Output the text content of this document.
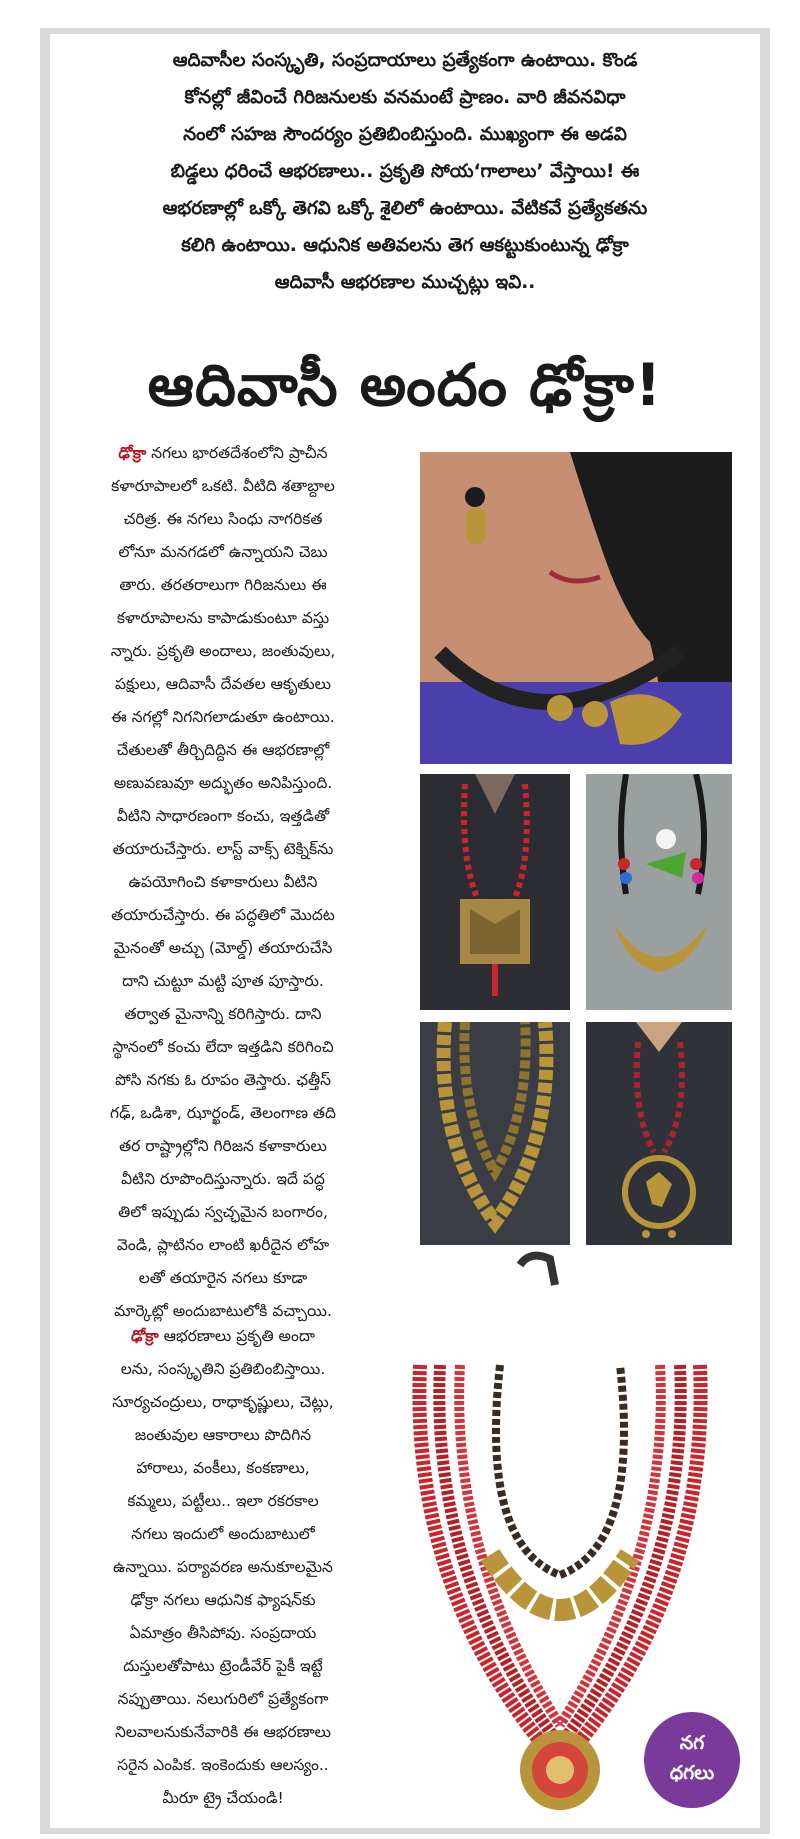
ఆదివాసీల సంస్కృతి, సంప్రదాయాలు ప్రత్యేకంగా ఉంటాయి. కొండ

కోనల్లో జీవించే గిరిజనులకు వనమంటే ప్రాణం. వారి జీవనవిధా

నంలో సహజ సౌందర్యం ప్రతిబింబిస్తుంది. ముఖ్యంగా ఈ అడవి

బిడ్డలు ధరించే ఆభరణాలు.. ప్రకృతి సోయ‘గాలాలు’ వేస్తాయి! ఈ

ఆభరణాల్లో ఒక్కో తెగవి ఒక్కో శైలిలో ఉంటాయి. వేటికవే ప్రత్యేకతను

కలిగి ఉంటాయి. ఆధునిక అతివలను తెగ ఆకట్టుకుంటున్న ఢోక్రా

ఆదివాసీ ఆభరణాల ముచ్చట్లు ఇవి..

ఆదివాసీ అందం ఢోక్రా!

ఢోక్రా నగలు భారతదేశంలోని ప్రాచీన

కళారూపాలలో ఒకటి. వీటిది శతాబ్దాల

చరిత్ర. ఈ నగలు సింధు నాగరికత

లోనూ మనగడలో ఉన్నాయని చెబు

తారు. తరతరాలుగా గిరిజనులు ఈ

కళారూపాలను కాపాడుకుంటూ వస్తు

న్నారు. ప్రకృతి అందాలు, జంతువులు,

పక్షులు, ఆదివాసీ దేవతల ఆకృతులు

ఈ నగల్లో నిగనిగలాడుతూ ఉంటాయి.

చేతులతో తీర్చిదిద్దిన ఈ ఆభరణాల్లో

అణువణువూ అద్భుతం అనిపిస్తుంది.

వీటిని సాధారణంగా కంచు, ఇత్తడితో

తయారుచేస్తారు. లాస్ట్ వాక్స్ టెక్నిక్‌ను

ఉపయోగించి కళాకారులు వీటిని

తయారుచేస్తారు. ఈ పద్ధతిలో మొదట

మైనంతో అచ్చు (మోల్డ్) తయారుచేసి

దాని చుట్టూ మట్టి పూత పూస్తారు.

తర్వాత మైనాన్ని కరిగిస్తారు. దాని

స్థానంలో కంచు లేదా ఇత్తడిని కరిగించి

పోసి నగకు ఓ రూపం తెస్తారు. ఛత్తీస్

గఢ్, ఒడిశా, ఝార్ఖండ్, తెలంగాణ తది

తర రాష్ట్రాల్లోని గిరిజన కళాకారులు

వీటిని రూపొందిస్తున్నారు. ఇదే పద్ధ

తిలో ఇప్పుడు స్వచ్ఛమైన బంగారం,

వెండి, ప్లాటినం లాంటి ఖరీదైన లోహ

లతో తయారైన నగలు కూడా

మార్కెట్లో అందుబాటులోకి వచ్చాయి.

ఢోక్రా ఆభరణాలు ప్రకృతి అందా

లను, సంస్కృతిని ప్రతిబింబిస్తాయి.

సూర్యచంద్రులు, రాధాకృష్ణులు, చెట్లు,

జంతువుల ఆకారాలు పొదిగిన

హారాలు, వంకీలు, కంకణాలు,

కమ్మలు, పట్టీలు.. ఇలా రకరకాల

నగలు ఇందులో అందుబాటులో

ఉన్నాయి. పర్యావరణ అనుకూలమైన

ఢోక్రా నగలు ఆధునిక ఫ్యాషన్‌కు

ఏమాత్రం తీసిపోవు. సంప్రదాయ

దుస్తులతోపాటు ట్రెండీవేర్ పైకీ ఇట్టే

నప్పుతాయి. నలుగురిలో ప్రత్యేకంగా

నిలవాలనుకునేవారికి ఈ ఆభరణాలు

సరైన ఎంపిక. ఇంకెందుకు ఆలస్యం..

మీరూ ట్రై చేయండి!

నగ
ధగలు
